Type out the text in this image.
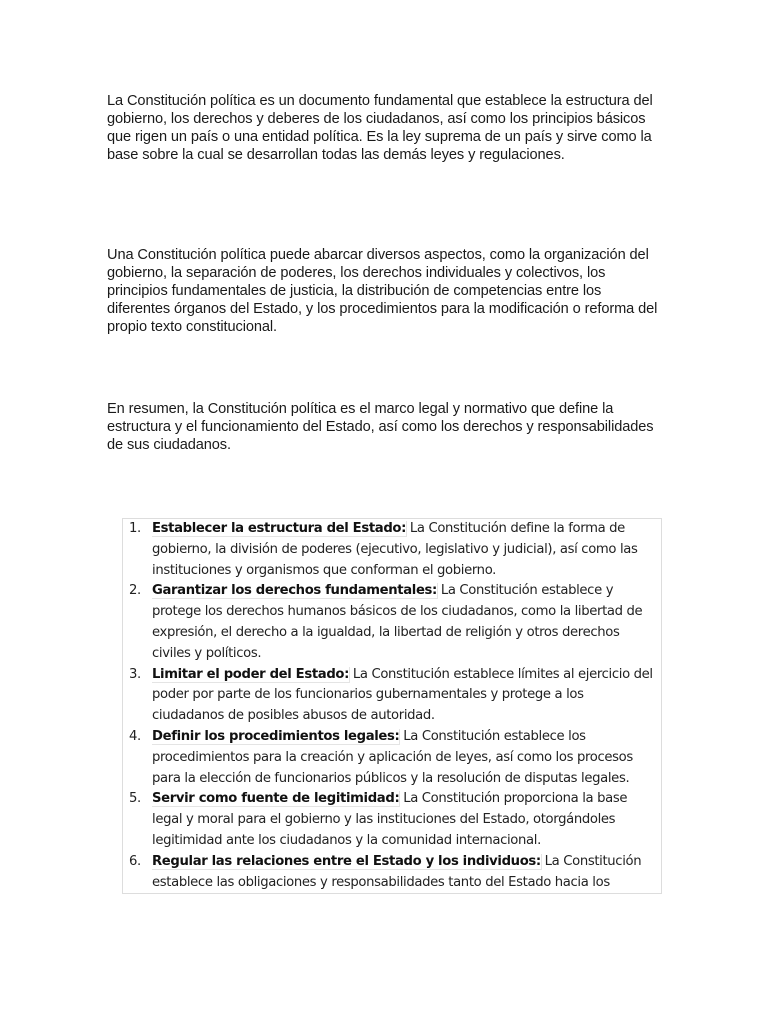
La Constitución política es un documento fundamental que establece la estructura del gobierno, los derechos y deberes de los ciudadanos, así como los principios básicos que rigen un país o una entidad política. Es la ley suprema de un país y sirve como la base sobre la cual se desarrollan todas las demás leyes y regulaciones.

Una Constitución política puede abarcar diversos aspectos, como la organización del gobierno, la separación de poderes, los derechos individuales y colectivos, los principios fundamentales de justicia, la distribución de competencias entre los diferentes órganos del Estado, y los procedimientos para la modificación o reforma del propio texto constitucional.

En resumen, la Constitución política es el marco legal y normativo que define la estructura y el funcionamiento del Estado, así como los derechos y responsabilidades de sus ciudadanos.

1. Establecer la estructura del Estado: La Constitución define la forma de gobierno, la división de poderes (ejecutivo, legislativo y judicial), así como las instituciones y organismos que conforman el gobierno.
2. Garantizar los derechos fundamentales: La Constitución establece y protege los derechos humanos básicos de los ciudadanos, como la libertad de expresión, el derecho a la igualdad, la libertad de religión y otros derechos civiles y políticos.
3. Limitar el poder del Estado: La Constitución establece límites al ejercicio del poder por parte de los funcionarios gubernamentales y protege a los ciudadanos de posibles abusos de autoridad.
4. Definir los procedimientos legales: La Constitución establece los procedimientos para la creación y aplicación de leyes, así como los procesos para la elección de funcionarios públicos y la resolución de disputas legales.
5. Servir como fuente de legitimidad: La Constitución proporciona la base legal y moral para el gobierno y las instituciones del Estado, otorgándoles legitimidad ante los ciudadanos y la comunidad internacional.
6. Regular las relaciones entre el Estado y los individuos: La Constitución establece las obligaciones y responsabilidades tanto del Estado hacia los
